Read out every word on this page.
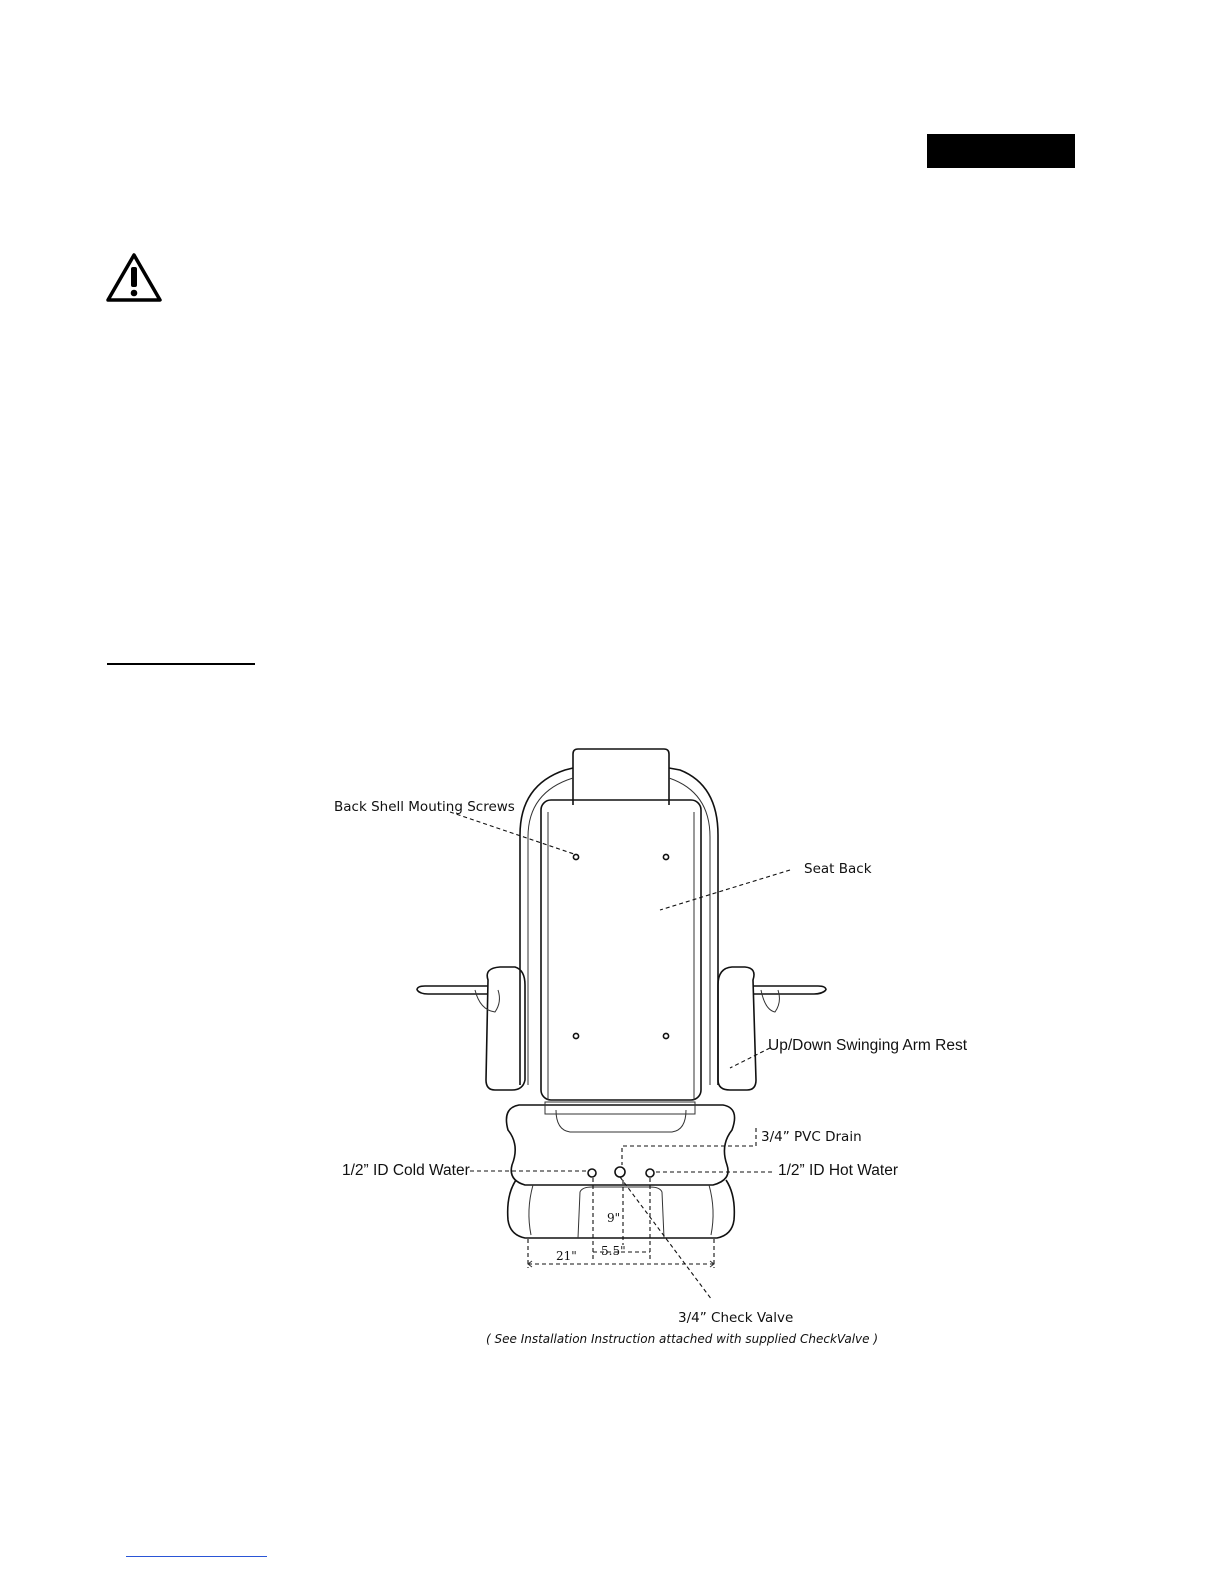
Back Shell Mouting Screws
Seat Back
Up/Down Swinging Arm Rest
3/4” PVC Drain
1/2” ID Cold Water	1/2” ID Hot Water
9"
5.5"
21"
3/4” Check Valve
( See Installation Instruction attached with supplied CheckValve )
